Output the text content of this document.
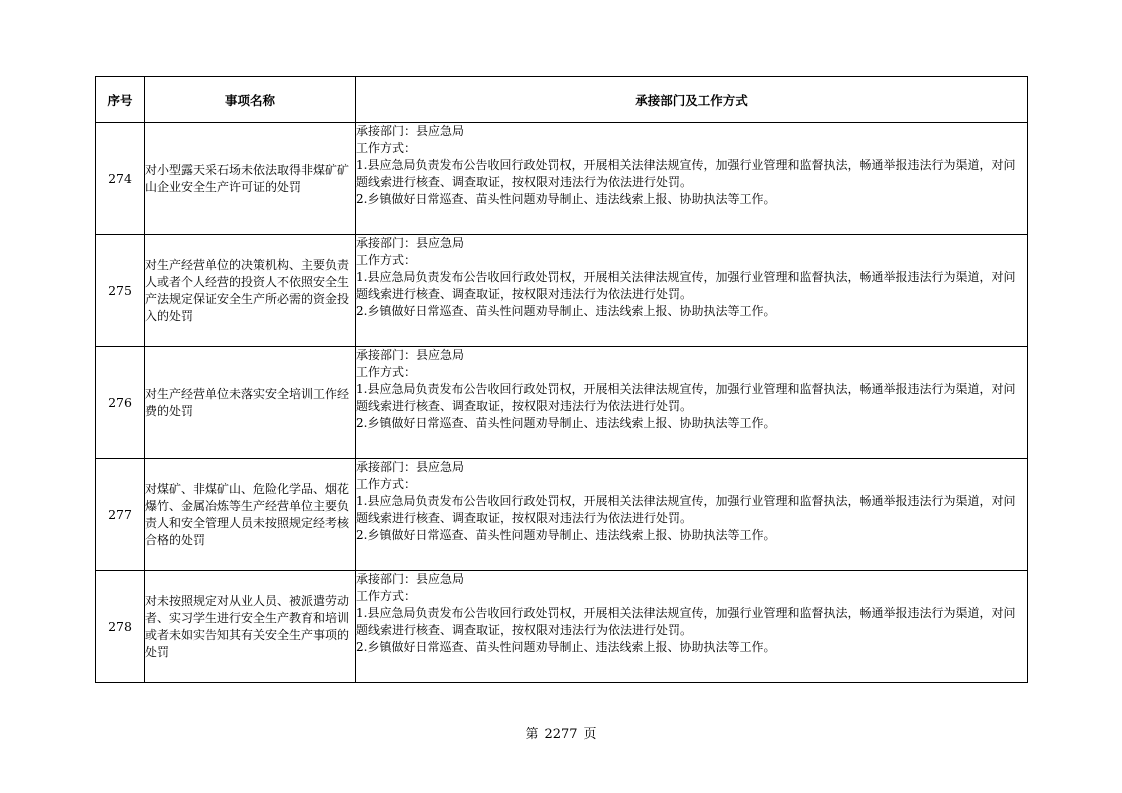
序号	事项名称	承接部门及工作方式
274	对小型露天采石场未依法取得非煤矿矿山企业安全生产许可证的处罚	承接部门：县应急局
工作方式：
1.县应急局负责发布公告收回行政处罚权，开展相关法律法规宣传，加强行业管理和监督执法，畅通举报违法行为渠道，对问题线索进行核查、调查取证，按权限对违法行为依法进行处罚。
2.乡镇做好日常巡查、苗头性问题劝导制止、违法线索上报、协助执法等工作。

275	对生产经营单位的决策机构、主要负责人或者个人经营的投资人不依照安全生产法规定保证安全生产所必需的资金投入的处罚	承接部门：县应急局
工作方式：
1.县应急局负责发布公告收回行政处罚权，开展相关法律法规宣传，加强行业管理和监督执法，畅通举报违法行为渠道，对问题线索进行核查、调查取证，按权限对违法行为依法进行处罚。
2.乡镇做好日常巡查、苗头性问题劝导制止、违法线索上报、协助执法等工作。

276	对生产经营单位未落实安全培训工作经费的处罚	承接部门：县应急局
工作方式：
1.县应急局负责发布公告收回行政处罚权，开展相关法律法规宣传，加强行业管理和监督执法，畅通举报违法行为渠道，对问题线索进行核查、调查取证，按权限对违法行为依法进行处罚。
2.乡镇做好日常巡查、苗头性问题劝导制止、违法线索上报、协助执法等工作。

277	对煤矿、非煤矿山、危险化学品、烟花爆竹、金属冶炼等生产经营单位主要负责人和安全管理人员未按照规定经考核合格的处罚	承接部门：县应急局
工作方式：
1.县应急局负责发布公告收回行政处罚权，开展相关法律法规宣传，加强行业管理和监督执法，畅通举报违法行为渠道，对问题线索进行核查、调查取证，按权限对违法行为依法进行处罚。
2.乡镇做好日常巡查、苗头性问题劝导制止、违法线索上报、协助执法等工作。

278	对未按照规定对从业人员、被派遣劳动者、实习学生进行安全生产教育和培训或者未如实告知其有关安全生产事项的处罚	承接部门：县应急局
工作方式：
1.县应急局负责发布公告收回行政处罚权，开展相关法律法规宣传，加强行业管理和监督执法，畅通举报违法行为渠道，对问题线索进行核查、调查取证，按权限对违法行为依法进行处罚。
2.乡镇做好日常巡查、苗头性问题劝导制止、违法线索上报、协助执法等工作。
第 2277 页
